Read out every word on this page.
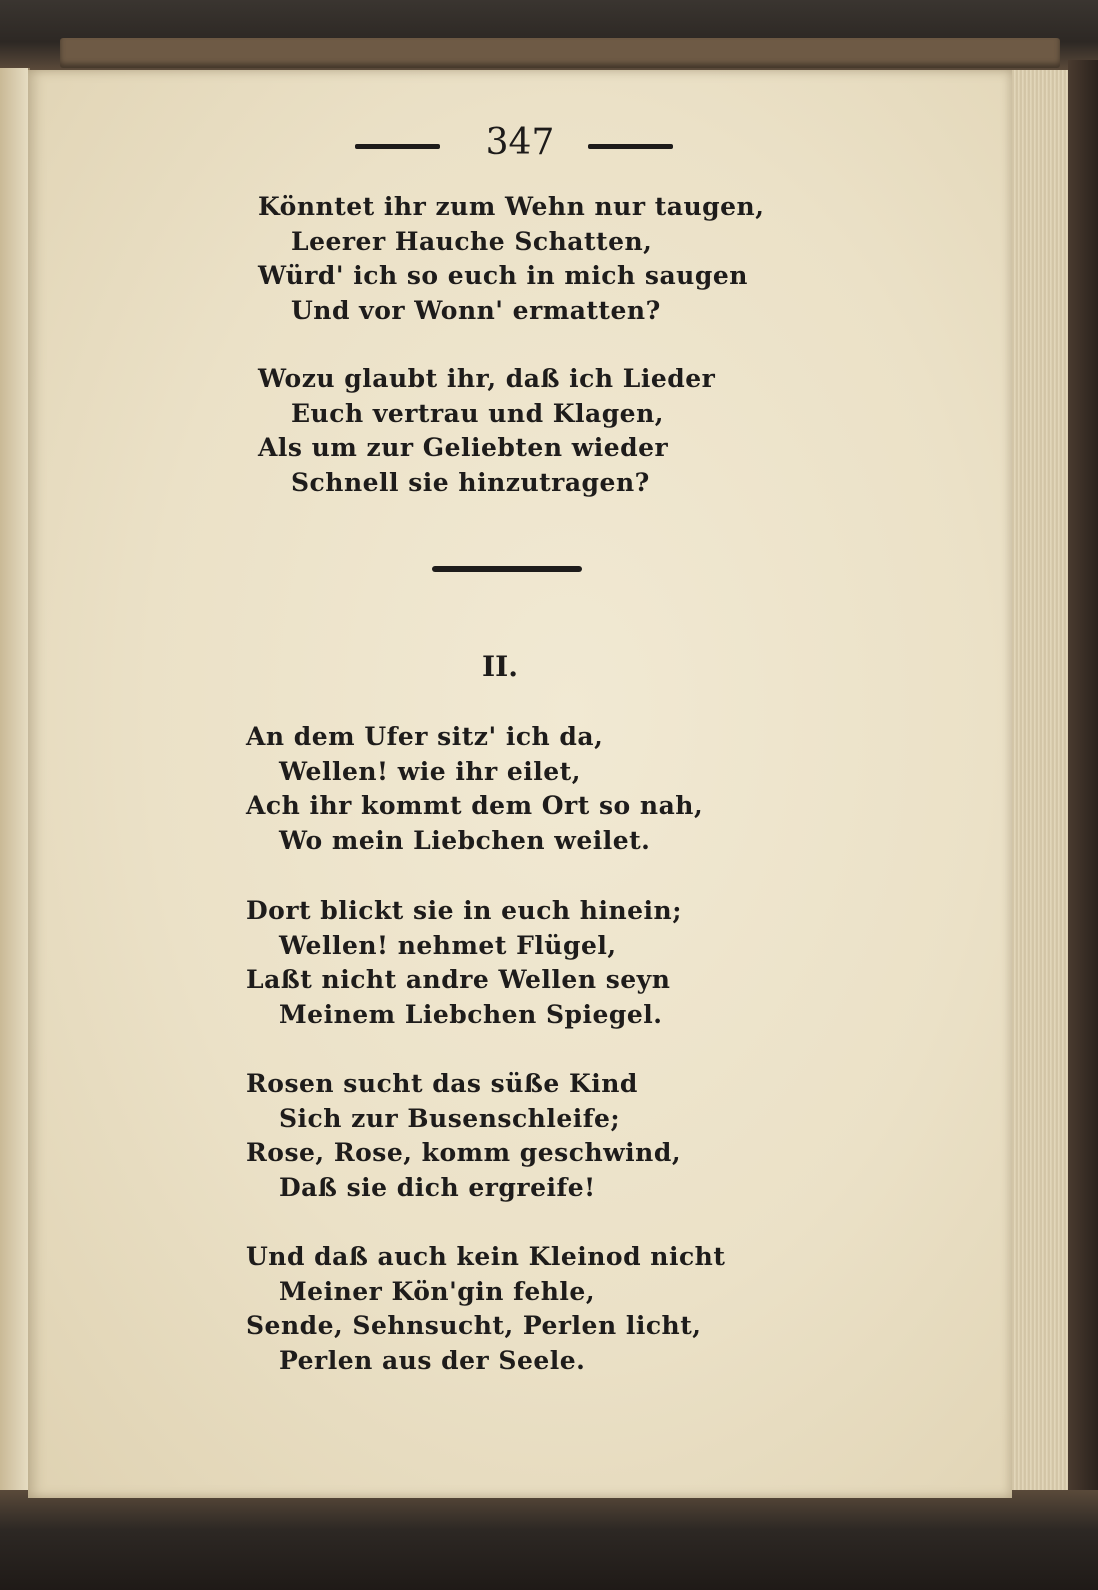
347
Könntet ihr zum Wehn nur taugen,
Leerer Hauche Schatten,
Würd' ich so euch in mich saugen
Und vor Wonn' ermatten?
Wozu glaubt ihr, daß ich Lieder
Euch vertrau und Klagen,
Als um zur Geliebten wieder
Schnell sie hinzutragen?
II.
An dem Ufer sitz' ich da,
Wellen! wie ihr eilet,
Ach ihr kommt dem Ort so nah,
Wo mein Liebchen weilet.
Dort blickt sie in euch hinein;
Wellen! nehmet Flügel,
Laßt nicht andre Wellen seyn
Meinem Liebchen Spiegel.
Rosen sucht das süße Kind
Sich zur Busenschleife;
Rose, Rose, komm geschwind,
Daß sie dich ergreife!
Und daß auch kein Kleinod nicht
Meiner Kön'gin fehle,
Sende, Sehnsucht, Perlen licht,
Perlen aus der Seele.
